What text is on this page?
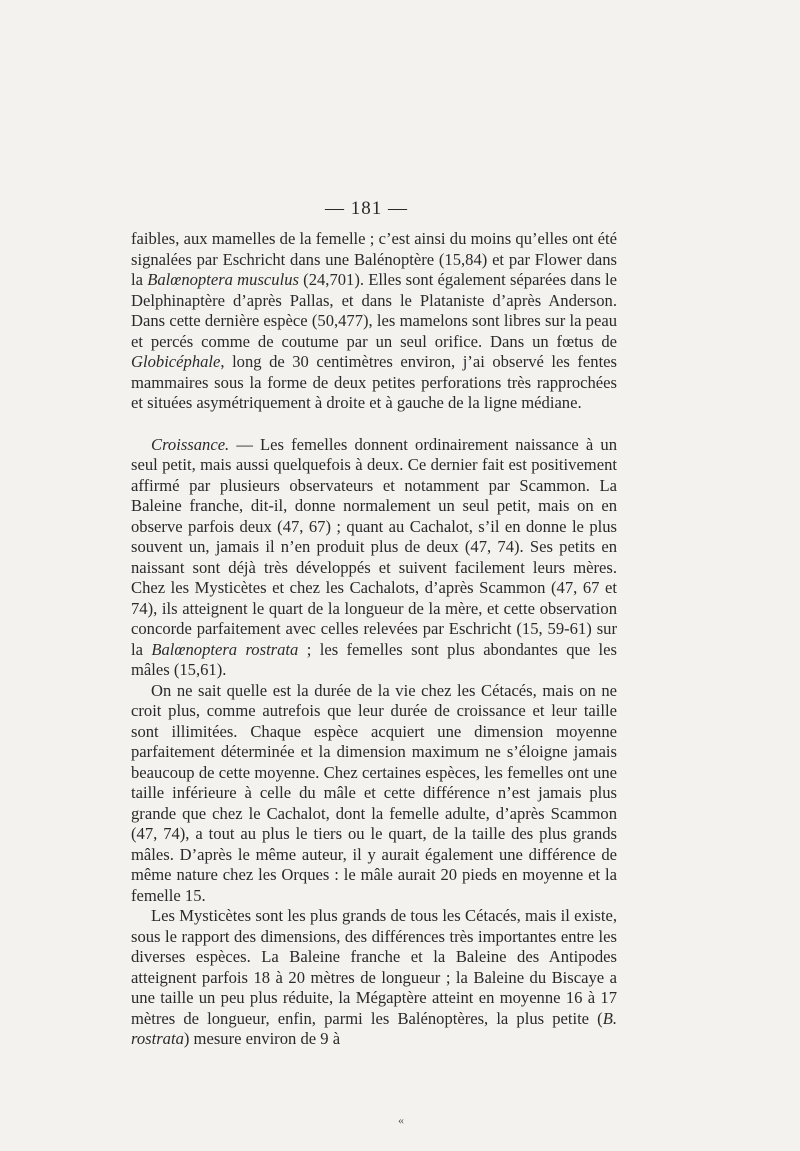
— 181 —

faibles, aux mamelles de la femelle ; c’est ainsi du moins qu’elles ont été signalées par Eschricht dans une Balénoptère (15,84) et par Flower dans la Balœnoptera musculus (24,701). Elles sont également séparées dans le Delphinaptère d’après Pallas, et dans le Plataniste d’après Anderson. Dans cette dernière espèce (50,477), les mamelons sont libres sur la peau et percés comme de coutume par un seul orifice. Dans un fœtus de Globicéphale, long de 30 centimètres environ, j’ai observé les fentes mammaires sous la forme de deux petites perforations très rapprochées et situées asymétriquement à droite et à gauche de la ligne médiane.

Croissance. — Les femelles donnent ordinairement naissance à un seul petit, mais aussi quelquefois à deux. Ce dernier fait est positivement affirmé par plusieurs observateurs et notamment par Scammon. La Baleine franche, dit-il, donne normalement un seul petit, mais on en observe parfois deux (47, 67) ; quant au Cachalot, s’il en donne le plus souvent un, jamais il n’en produit plus de deux (47, 74). Ses petits en naissant sont déjà très développés et suivent facilement leurs mères. Chez les Mysticètes et chez les Cachalots, d’après Scammon (47, 67 et 74), ils atteignent le quart de la longueur de la mère, et cette observation concorde parfaitement avec celles relevées par Eschricht (15, 59-61) sur la Balœnoptera rostrata ; les femelles sont plus abondantes que les mâles (15,61).

On ne sait quelle est la durée de la vie chez les Cétacés, mais on ne croit plus, comme autrefois que leur durée de croissance et leur taille sont illimitées. Chaque espèce acquiert une dimension moyenne parfaitement déterminée et la dimension maximum ne s’éloigne jamais beaucoup de cette moyenne. Chez certaines espèces, les femelles ont une taille inférieure à celle du mâle et cette différence n’est jamais plus grande que chez le Cachalot, dont la femelle adulte, d’après Scammon (47, 74), a tout au plus le tiers ou le quart, de la taille des plus grands mâles. D’après le même auteur, il y aurait également une différence de même nature chez les Orques : le mâle aurait 20 pieds en moyenne et la femelle 15.

Les Mysticètes sont les plus grands de tous les Cétacés, mais il existe, sous le rapport des dimensions, des différences très importantes entre les diverses espèces. La Baleine franche et la Baleine des Antipodes atteignent parfois 18 à 20 mètres de longueur ; la Baleine du Biscaye a une taille un peu plus réduite, la Mégaptère atteint en moyenne 16 à 17 mètres de longueur, enfin, parmi les Balénoptères, la plus petite (B. rostrata) mesure environ de 9 à

«
